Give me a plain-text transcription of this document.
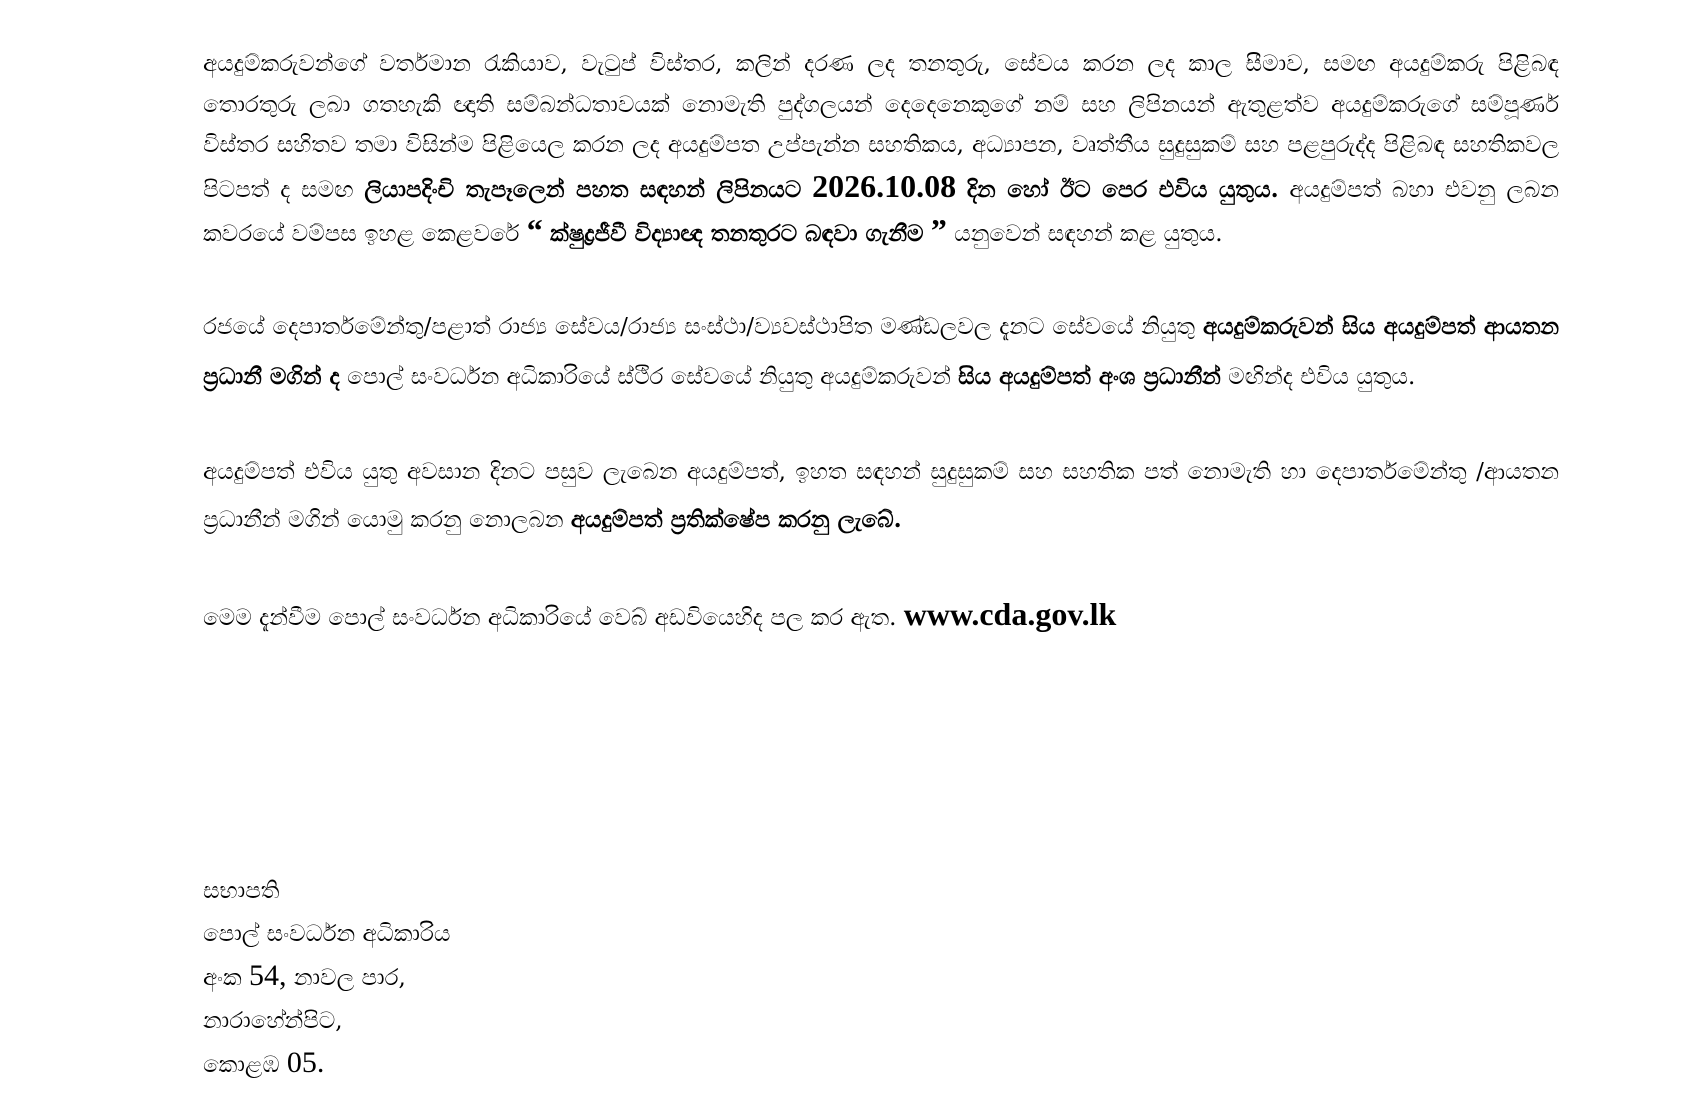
අයදුම්කරුවන්ගේ වර්තමාන රැකියාව, වැටුප් විස්තර, කලින් දරණ ලද තනතුරු, සේවය කරන ලද කාල සීමාව, සමඟ අයදුම්කරු පිළිබඳ තොරතුරු ලබා ගතහැකි ඥාති සම්බන්ධතාවයක් නොමැති පුද්ගලයන් දෙදෙනෙකුගේ නම් සහ ලිපිනයන් ඇතුළත්ව අයදුම්කරුගේ සම්පූර්ණ විස්තර සහිතව තමා විසින්ම පිළියෙල කරන ලද අයදුම්පත උප්පැන්න සහතිකය, අධ්‍යාපන, වෘත්තීය සුදුසුකම් සහ පළපුරුද්ද පිළිබඳ සහතිකවල පිටපත් ද සමඟ ලියාපදිංචි තැපෑලෙන් පහත සඳහන් ලිපිනයට 2026.10.08 දින හෝ ඊට පෙර එවිය යුතුය. අයදුම්පත් බහා එවනු ලබන කවරයේ වම්පස ඉහළ කෙළවරේ “ ක්ෂුද්‍රජීවී විද්‍යාඥ තනතුරට බඳවා ගැනීම ” යනුවෙන් සඳහන් කළ යුතුය.

රජයේ දෙපාර්තමේන්තු/පළාත් රාජ්‍ය සේවය/රාජ්‍ය සංස්ථා/ව්‍යවස්ථාපිත මණ්ඩලවල දැනට සේවයේ නියුතු අයදුම්කරුවන් සිය අයදුම්පත් ආයතන ප්‍රධානී මගින් ද පොල් සංවර්ධන අධිකාරියේ ස්ථිර සේවයේ නියුතු අයදුම්කරුවන් සිය අයදුම්පත් අංශ ප්‍රධානීන් මඟින්ද එවිය යුතුය.

අයදුම්පත් එවිය යුතු අවසාන දිනට පසුව ලැබෙන අයදුම්පත්, ඉහත සඳහන් සුදුසුකම් සහ සහතික පත් නොමැති හා දෙපාර්තමේන්තු /ආයතන ප්‍රධානීන් මගින් යොමු කරනු නොලබන අයදුම්පත් ප්‍රතික්ෂේප කරනු ලැබේ.

මෙම දැන්වීම පොල් සංවර්ධන අධිකාරියේ වෙබ් අඩවියෙහිද පල කර ඇත. www.cda.gov.lk

සභාපති
පොල් සංවර්ධන අධිකාරිය
අංක 54, නාවල පාර,
නාරාහේන්පිට,
කොළඹ 05.
